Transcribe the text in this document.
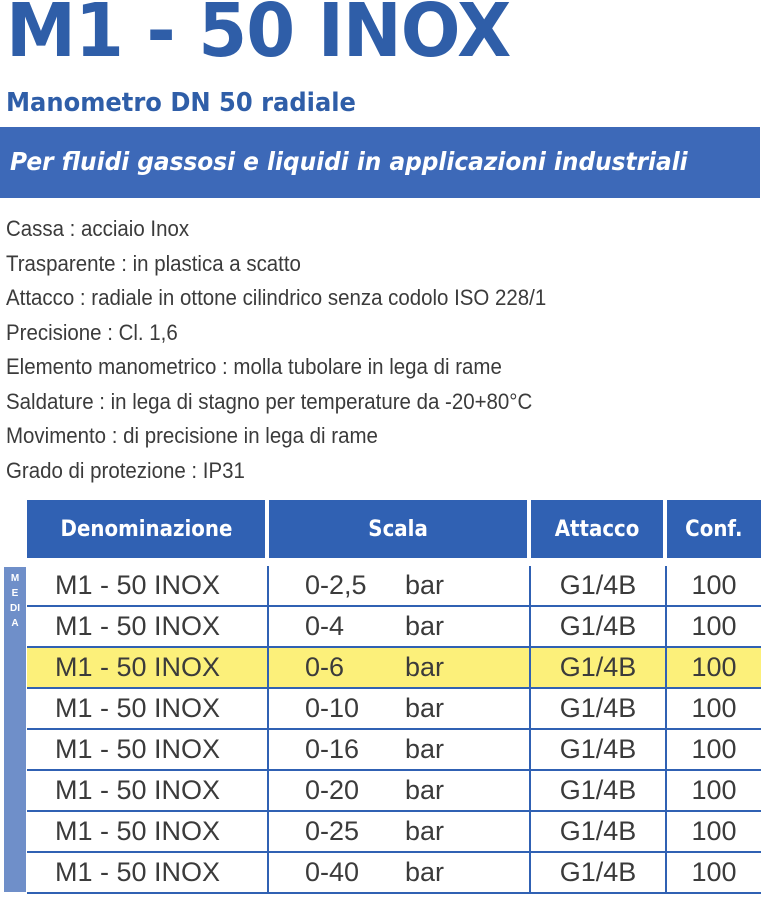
M1 - 50 INOX
Manometro DN 50 radiale
Per fluidi gassosi e liquidi in applicazioni industriali
Cassa : acciaio Inox
Trasparente : in plastica a scatto
Attacco : radiale in ottone cilindrico senza codolo ISO 228/1
Precisione : Cl. 1,6
Elemento manometrico : molla tubolare in lega di rame
Saldature : in lega di stagno per temperature da -20+80°C
Movimento : di precisione in lega di rame
Grado di protezione : IP31
MEDIA
Denominazione	Scala	Attacco	Conf.
M1 - 50 INOX	0-2,5 bar	G1/4B	100
M1 - 50 INOX	0-4 bar	G1/4B	100
M1 - 50 INOX	0-6 bar	G1/4B	100
M1 - 50 INOX	0-10 bar	G1/4B	100
M1 - 50 INOX	0-16 bar	G1/4B	100
M1 - 50 INOX	0-20 bar	G1/4B	100
M1 - 50 INOX	0-25 bar	G1/4B	100
M1 - 50 INOX	0-40 bar	G1/4B	100
